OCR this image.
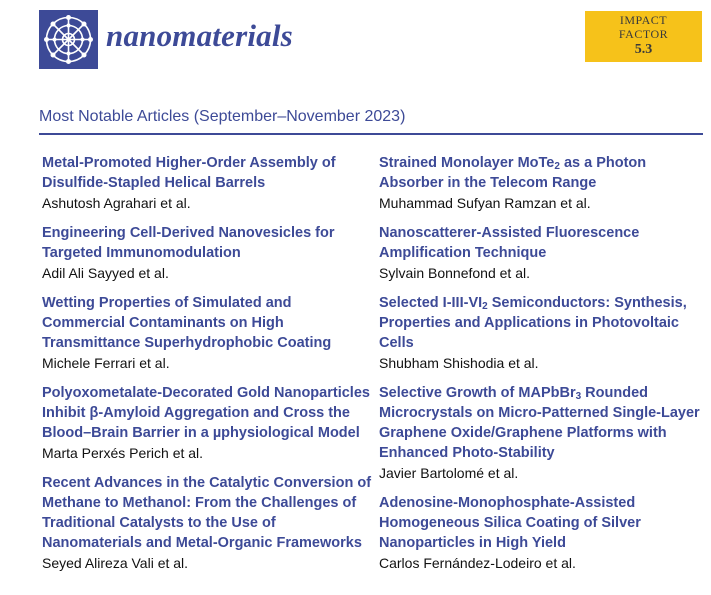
nanomaterials	IMPACT
FACTOR
5.3
Most Notable Articles (September–November 2023)
Metal-Promoted Higher-Order Assembly of Disulfide-Stapled Helical Barrels
Ashutosh Agrahari et al.
Engineering Cell-Derived Nanovesicles for Targeted Immunomodulation
Adil Ali Sayyed et al.
Wetting Properties of Simulated and Commercial Contaminants on High Transmittance Superhydrophobic Coating
Michele Ferrari et al.
Polyoxometalate-Decorated Gold Nanoparticles Inhibit β-Amyloid Aggregation and Cross the Blood–Brain Barrier in a µphysiological Model
Marta Perxés Perich et al.
Recent Advances in the Catalytic Conversion of Methane to Methanol: From the Challenges of Traditional Catalysts to the Use of Nanomaterials and Metal-Organic Frameworks
Seyed Alireza Vali et al.
Strained Monolayer MoTe$_2$ as a Photon Absorber in the Telecom Range
Muhammad Sufyan Ramzan et al.
Nanoscatterer-Assisted Fluorescence Amplification Technique
Sylvain Bonnefond et al.
Selected $I-III-VI_2$ Semiconductors: Synthesis, Properties and Applications in Photovoltaic Cells
Shubham Shishodia et al.
Selective Growth of MAPbBr$_3$ Rounded Microcrystals on Micro-Patterned Single-Layer Graphene Oxide/Graphene Platforms with Enhanced Photo-Stability
Javier Bartolomé et al.
Adenosine-Monophosphate-Assisted Homogeneous Silica Coating of Silver Nanoparticles in High Yield
Carlos Fernández-Lodeiro et al.
